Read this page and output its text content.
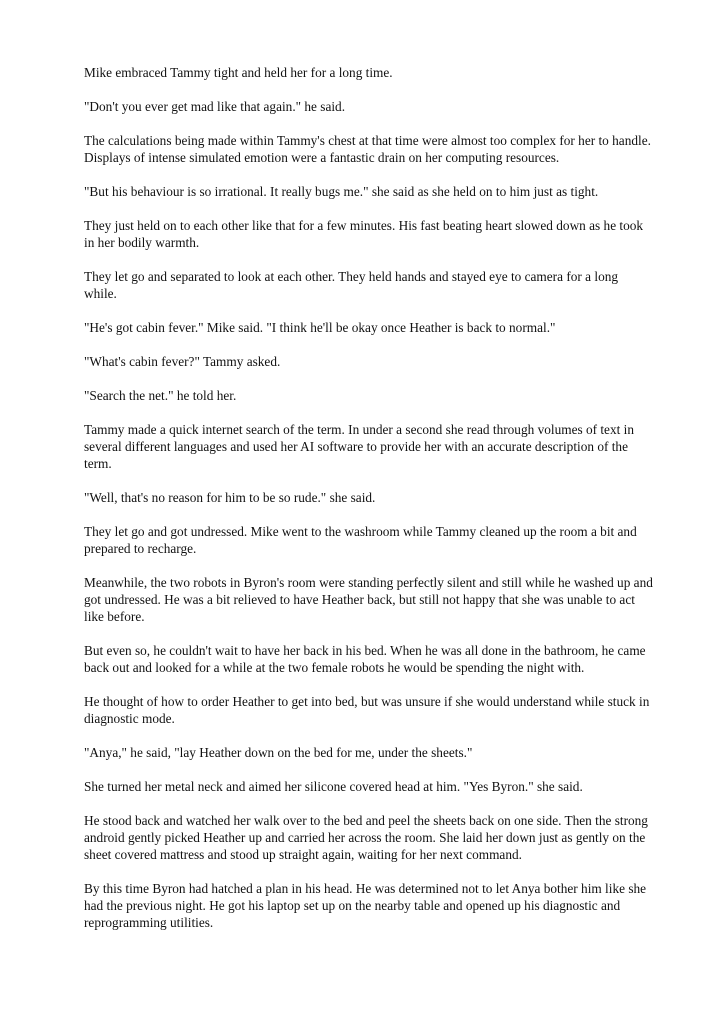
Mike embraced Tammy tight and held her for a long time.

"Don't you ever get mad like that again." he said.

The calculations being made within Tammy's chest at that time were almost too complex for her to handle. Displays of intense simulated emotion were a fantastic drain on her computing resources.

"But his behaviour is so irrational. It really bugs me." she said as she held on to him just as tight.

They just held on to each other like that for a few minutes. His fast beating heart slowed down as he took in her bodily warmth.

They let go and separated to look at each other. They held hands and stayed eye to camera for a long while.

"He's got cabin fever." Mike said. "I think he'll be okay once Heather is back to normal."

"What's cabin fever?" Tammy asked.

"Search the net." he told her.

Tammy made a quick internet search of the term. In under a second she read through volumes of text in several different languages and used her AI software to provide her with an accurate description of the term.

"Well, that's no reason for him to be so rude." she said.

They let go and got undressed. Mike went to the washroom while Tammy cleaned up the room a bit and prepared to recharge.

Meanwhile, the two robots in Byron's room were standing perfectly silent and still while he washed up and got undressed. He was a bit relieved to have Heather back, but still not happy that she was unable to act like before.

But even so, he couldn't wait to have her back in his bed. When he was all done in the bathroom, he came back out and looked for a while at the two female robots he would be spending the night with.

He thought of how to order Heather to get into bed, but was unsure if she would understand while stuck in diagnostic mode.

"Anya," he said, "lay Heather down on the bed for me, under the sheets."

She turned her metal neck and aimed her silicone covered head at him. "Yes Byron." she said.

He stood back and watched her walk over to the bed and peel the sheets back on one side. Then the strong android gently picked Heather up and carried her across the room. She laid her down just as gently on the sheet covered mattress and stood up straight again, waiting for her next command.

By this time Byron had hatched a plan in his head. He was determined not to let Anya bother him like she had the previous night. He got his laptop set up on the nearby table and opened up his diagnostic and reprogramming utilities.
